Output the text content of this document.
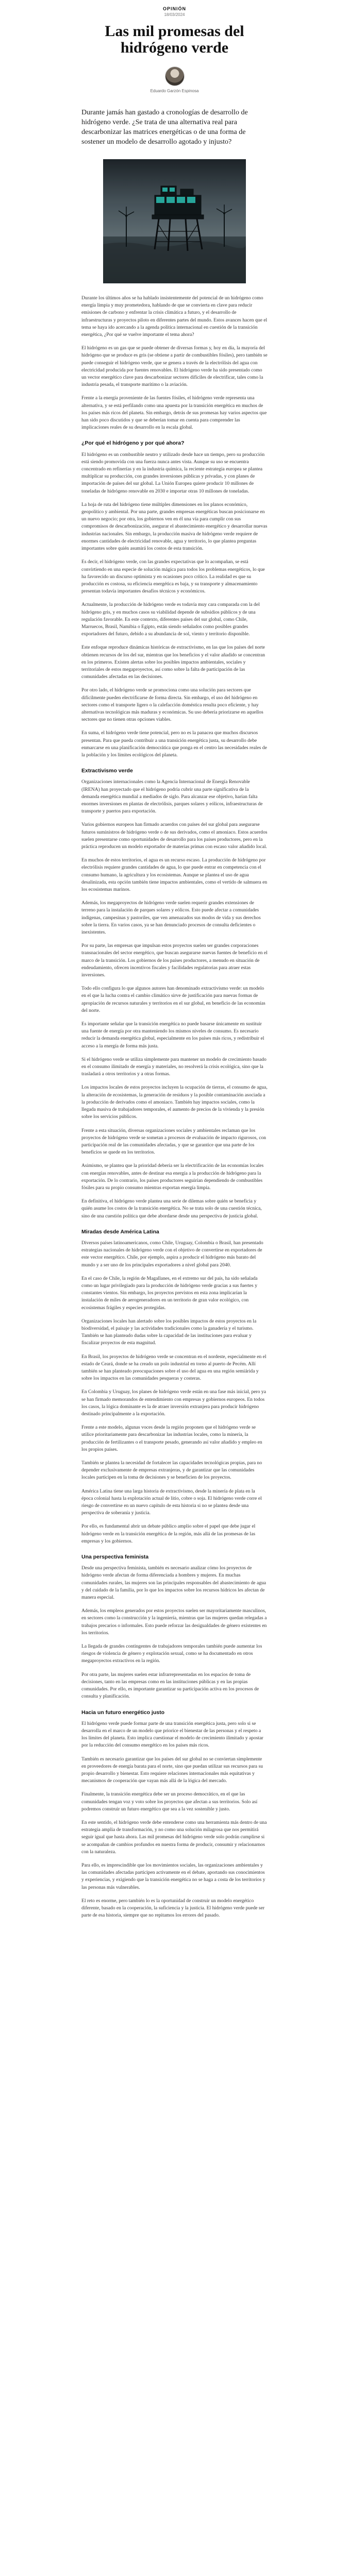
OPINIÓN
18/03/2024
Las mil promesas del hidrógeno verde
Eduardo Garzón Espinosa
Durante jamás han gastado a cronologías de desarrollo de hidrógeno verde. ¿Se trata de una alternativa real para descarbonizar las matrices energéticas o de una forma de sostener un modelo de desarrollo agotado y injusto?

Durante los últimos años se ha hablado insistentemente del potencial de un hidrógeno como energía limpia y muy prometedora, hablando de que se convierta en clave para reducir emisiones de carbono y enfrentar la crisis climática a futuro, y el desarrollo de infraestructuras y proyectos piloto en diferentes partes del mundo. Estos avances hacen que el tema se haya ido acercando a la agenda política internacional en cuestión de la transición energética, ¿Por qué se vuelve importante el tema ahora?

El hidrógeno es un gas que se puede obtener de diversas formas y, hoy en día, la mayoría del hidrógeno que se produce es gris (se obtiene a partir de combustibles fósiles), pero también se puede conseguir el hidrógeno verde, que se genera a través de la electrólisis del agua con electricidad producida por fuentes renovables. El hidrógeno verde ha sido presentado como un vector energético clave para descarbonizar sectores difíciles de electrificar, tales como la industria pesada, el transporte marítimo o la aviación.

Frente a la energía proveniente de las fuentes fósiles, el hidrógeno verde representa una alternativa, y se está perfilando como una apuesta por la transición energética en muchos de los países más ricos del planeta. Sin embargo, detrás de sus promesas hay varios aspectos que han sido poco discutidos y que se deberían tomar en cuenta para comprender las implicaciones reales de su desarrollo en la escala global.

¿Por qué el hidrógeno y por qué ahora?

El hidrógeno es un combustible neutro y utilizado desde hace un tiempo, pero su producción está siendo promovida con una fuerza nunca antes vista. Aunque su uso se encuentra concentrado en refinerías y en la industria química, la reciente estrategia europea se plantea multiplicar su producción, con grandes inversiones públicas y privadas, y con planes de importación de países del sur global. La Unión Europea quiere producir 10 millones de toneladas de hidrógeno renovable en 2030 e importar otras 10 millones de toneladas.

La hoja de ruta del hidrógeno tiene múltiples dimensiones en los planos económico, geopolítico y ambiental. Por una parte, grandes empresas energéticas buscan posicionarse en un nuevo negocio; por otra, los gobiernos ven en él una vía para cumplir con sus compromisos de descarbonización, asegurar el abastecimiento energético y desarrollar nuevas industrias nacionales. Sin embargo, la producción masiva de hidrógeno verde requiere de enormes cantidades de electricidad renovable, agua y territorio, lo que plantea preguntas importantes sobre quién asumirá los costos de esta transición.

Es decir, el hidrógeno verde, con las grandes expectativas que lo acompañan, se está convirtiendo en una especie de solución mágica para todos los problemas energéticos, lo que ha favorecido un discurso optimista y en ocasiones poco crítico. La realidad es que su producción es costosa, su eficiencia energética es baja, y su transporte y almacenamiento presentan todavía importantes desafíos técnicos y económicos.

Actualmente, la producción de hidrógeno verde es todavía muy cara comparada con la del hidrógeno gris, y en muchos casos su viabilidad depende de subsidios públicos y de una regulación favorable. En este contexto, diferentes países del sur global, como Chile, Marruecos, Brasil, Namibia o Egipto, están siendo señalados como posibles grandes exportadores del futuro, debido a su abundancia de sol, viento y territorio disponible.

Este enfoque reproduce dinámicas históricas de extractivismo, en las que los países del norte obtienen recursos de los del sur, mientras que los beneficios y el valor añadido se concentran en los primeros. Existen alertas sobre los posibles impactos ambientales, sociales y territoriales de estos megaproyectos, así como sobre la falta de participación de las comunidades afectadas en las decisiones.

Por otro lado, el hidrógeno verde se promociona como una solución para sectores que difícilmente pueden electrificarse de forma directa. Sin embargo, el uso del hidrógeno en sectores como el transporte ligero o la calefacción doméstica resulta poco eficiente, y hay alternativas tecnológicas más maduras y económicas. Su uso debería priorizarse en aquellos sectores que no tienen otras opciones viables.

En suma, el hidrógeno verde tiene potencial, pero no es la panacea que muchos discursos presentan. Para que pueda contribuir a una transición energética justa, su desarrollo debe enmarcarse en una planificación democrática que ponga en el centro las necesidades reales de la población y los límites ecológicos del planeta.

Extractivismo verde

Organizaciones internacionales como la Agencia Internacional de Energía Renovable (IRENA) han proyectado que el hidrógeno podría cubrir una parte significativa de la demanda energética mundial a mediados de siglo. Para alcanzar ese objetivo, harían falta enormes inversiones en plantas de electrólisis, parques solares y eólicos, infraestructuras de transporte y puertos para exportación.

Varios gobiernos europeos han firmado acuerdos con países del sur global para asegurarse futuros suministros de hidrógeno verde o de sus derivados, como el amoniaco. Estos acuerdos suelen presentarse como oportunidades de desarrollo para los países productores, pero en la práctica reproducen un modelo exportador de materias primas con escaso valor añadido local.

En muchos de estos territorios, el agua es un recurso escaso. La producción de hidrógeno por electrólisis requiere grandes cantidades de agua, lo que puede entrar en competencia con el consumo humano, la agricultura y los ecosistemas. Aunque se plantea el uso de agua desalinizada, esta opción también tiene impactos ambientales, como el vertido de salmuera en los ecosistemas marinos.

Además, los megaproyectos de hidrógeno verde suelen requerir grandes extensiones de terreno para la instalación de parques solares y eólicos. Esto puede afectar a comunidades indígenas, campesinas y pastoriles, que ven amenazados sus modos de vida y sus derechos sobre la tierra. En varios casos, ya se han denunciado procesos de consulta deficientes o inexistentes.

Por su parte, las empresas que impulsan estos proyectos suelen ser grandes corporaciones transnacionales del sector energético, que buscan asegurarse nuevas fuentes de beneficio en el marco de la transición. Los gobiernos de los países productores, a menudo en situación de endeudamiento, ofrecen incentivos fiscales y facilidades regulatorias para atraer estas inversiones.

Todo ello configura lo que algunos autores han denominado extractivismo verde: un modelo en el que la lucha contra el cambio climático sirve de justificación para nuevas formas de apropiación de recursos naturales y territorios en el sur global, en beneficio de las economías del norte.

Es importante señalar que la transición energética no puede basarse únicamente en sustituir una fuente de energía por otra manteniendo los mismos niveles de consumo. Es necesario reducir la demanda energética global, especialmente en los países más ricos, y redistribuir el acceso a la energía de forma más justa.

Si el hidrógeno verde se utiliza simplemente para mantener un modelo de crecimiento basado en el consumo ilimitado de energía y materiales, no resolverá la crisis ecológica, sino que la trasladará a otros territorios y a otras formas.

Los impactos locales de estos proyectos incluyen la ocupación de tierras, el consumo de agua, la alteración de ecosistemas, la generación de residuos y la posible contaminación asociada a la producción de derivados como el amoniaco. También hay impactos sociales, como la llegada masiva de trabajadores temporales, el aumento de precios de la vivienda y la presión sobre los servicios públicos.

Frente a esta situación, diversas organizaciones sociales y ambientales reclaman que los proyectos de hidrógeno verde se sometan a procesos de evaluación de impacto rigurosos, con participación real de las comunidades afectadas, y que se garantice que una parte de los beneficios se quede en los territorios.

Asimismo, se plantea que la prioridad debería ser la electrificación de las economías locales con energías renovables, antes de destinar esa energía a la producción de hidrógeno para la exportación. De lo contrario, los países productores seguirían dependiendo de combustibles fósiles para su propio consumo mientras exportan energía limpia.

En definitiva, el hidrógeno verde plantea una serie de dilemas sobre quién se beneficia y quién asume los costos de la transición energética. No se trata solo de una cuestión técnica, sino de una cuestión política que debe abordarse desde una perspectiva de justicia global.

Miradas desde América Latina

Diversos países latinoamericanos, como Chile, Uruguay, Colombia o Brasil, han presentado estrategias nacionales de hidrógeno verde con el objetivo de convertirse en exportadores de este vector energético. Chile, por ejemplo, aspira a producir el hidrógeno más barato del mundo y a ser uno de los principales exportadores a nivel global para 2040.

En el caso de Chile, la región de Magallanes, en el extremo sur del país, ha sido señalada como un lugar privilegiado para la producción de hidrógeno verde gracias a sus fuertes y constantes vientos. Sin embargo, los proyectos previstos en esta zona implicarían la instalación de miles de aerogeneradores en un territorio de gran valor ecológico, con ecosistemas frágiles y especies protegidas.

Organizaciones locales han alertado sobre los posibles impactos de estos proyectos en la biodiversidad, el paisaje y las actividades tradicionales como la ganadería y el turismo. También se han planteado dudas sobre la capacidad de las instituciones para evaluar y fiscalizar proyectos de esta magnitud.

En Brasil, los proyectos de hidrógeno verde se concentran en el nordeste, especialmente en el estado de Ceará, donde se ha creado un polo industrial en torno al puerto de Pecém. Allí también se han planteado preocupaciones sobre el uso del agua en una región semiárida y sobre los impactos en las comunidades pesqueras y costeras.

En Colombia y Uruguay, los planes de hidrógeno verde están en una fase más inicial, pero ya se han firmado memorandos de entendimiento con empresas y gobiernos europeos. En todos los casos, la lógica dominante es la de atraer inversión extranjera para producir hidrógeno destinado principalmente a la exportación.

Frente a este modelo, algunas voces desde la región proponen que el hidrógeno verde se utilice prioritariamente para descarbonizar las industrias locales, como la minería, la producción de fertilizantes o el transporte pesado, generando así valor añadido y empleo en los propios países.

También se plantea la necesidad de fortalecer las capacidades tecnológicas propias, para no depender exclusivamente de empresas extranjeras, y de garantizar que las comunidades locales participen en la toma de decisiones y se beneficien de los proyectos.

América Latina tiene una larga historia de extractivismo, desde la minería de plata en la época colonial hasta la explotación actual de litio, cobre o soja. El hidrógeno verde corre el riesgo de convertirse en un nuevo capítulo de esta historia si no se plantea desde una perspectiva de soberanía y justicia.

Por ello, es fundamental abrir un debate público amplio sobre el papel que debe jugar el hidrógeno verde en la transición energética de la región, más allá de las promesas de las empresas y los gobiernos.

Una perspectiva feminista

Desde una perspectiva feminista, también es necesario analizar cómo los proyectos de hidrógeno verde afectan de forma diferenciada a hombres y mujeres. En muchas comunidades rurales, las mujeres son las principales responsables del abastecimiento de agua y del cuidado de la familia, por lo que los impactos sobre los recursos hídricos les afectan de manera especial.

Además, los empleos generados por estos proyectos suelen ser mayoritariamente masculinos, en sectores como la construcción y la ingeniería, mientras que las mujeres quedan relegadas a trabajos precarios o informales. Esto puede reforzar las desigualdades de género existentes en los territorios.

La llegada de grandes contingentes de trabajadores temporales también puede aumentar los riesgos de violencia de género y explotación sexual, como se ha documentado en otros megaproyectos extractivos en la región.

Por otra parte, las mujeres suelen estar infrarrepresentadas en los espacios de toma de decisiones, tanto en las empresas como en las instituciones públicas y en las propias comunidades. Por ello, es importante garantizar su participación activa en los procesos de consulta y planificación.

Hacia un futuro energético justo

El hidrógeno verde puede formar parte de una transición energética justa, pero solo si se desarrolla en el marco de un modelo que priorice el bienestar de las personas y el respeto a los límites del planeta. Esto implica cuestionar el modelo de crecimiento ilimitado y apostar por la reducción del consumo energético en los países más ricos.

También es necesario garantizar que los países del sur global no se conviertan simplemente en proveedores de energía barata para el norte, sino que puedan utilizar sus recursos para su propio desarrollo y bienestar. Esto requiere relaciones internacionales más equitativas y mecanismos de cooperación que vayan más allá de la lógica del mercado.

Finalmente, la transición energética debe ser un proceso democrático, en el que las comunidades tengan voz y voto sobre los proyectos que afectan a sus territorios. Solo así podremos construir un futuro energético que sea a la vez sostenible y justo.

En este sentido, el hidrógeno verde debe entenderse como una herramienta más dentro de una estrategia amplia de transformación, y no como una solución milagrosa que nos permitirá seguir igual que hasta ahora. Las mil promesas del hidrógeno verde solo podrán cumplirse si se acompañan de cambios profundos en nuestra forma de producir, consumir y relacionarnos con la naturaleza.

Para ello, es imprescindible que los movimientos sociales, las organizaciones ambientales y las comunidades afectadas participen activamente en el debate, aportando sus conocimientos y experiencias, y exigiendo que la transición energética no se haga a costa de los territorios y las personas más vulnerables.

El reto es enorme, pero también lo es la oportunidad de construir un modelo energético diferente, basado en la cooperación, la suficiencia y la justicia. El hidrógeno verde puede ser parte de esa historia, siempre que no repitamos los errores del pasado.
